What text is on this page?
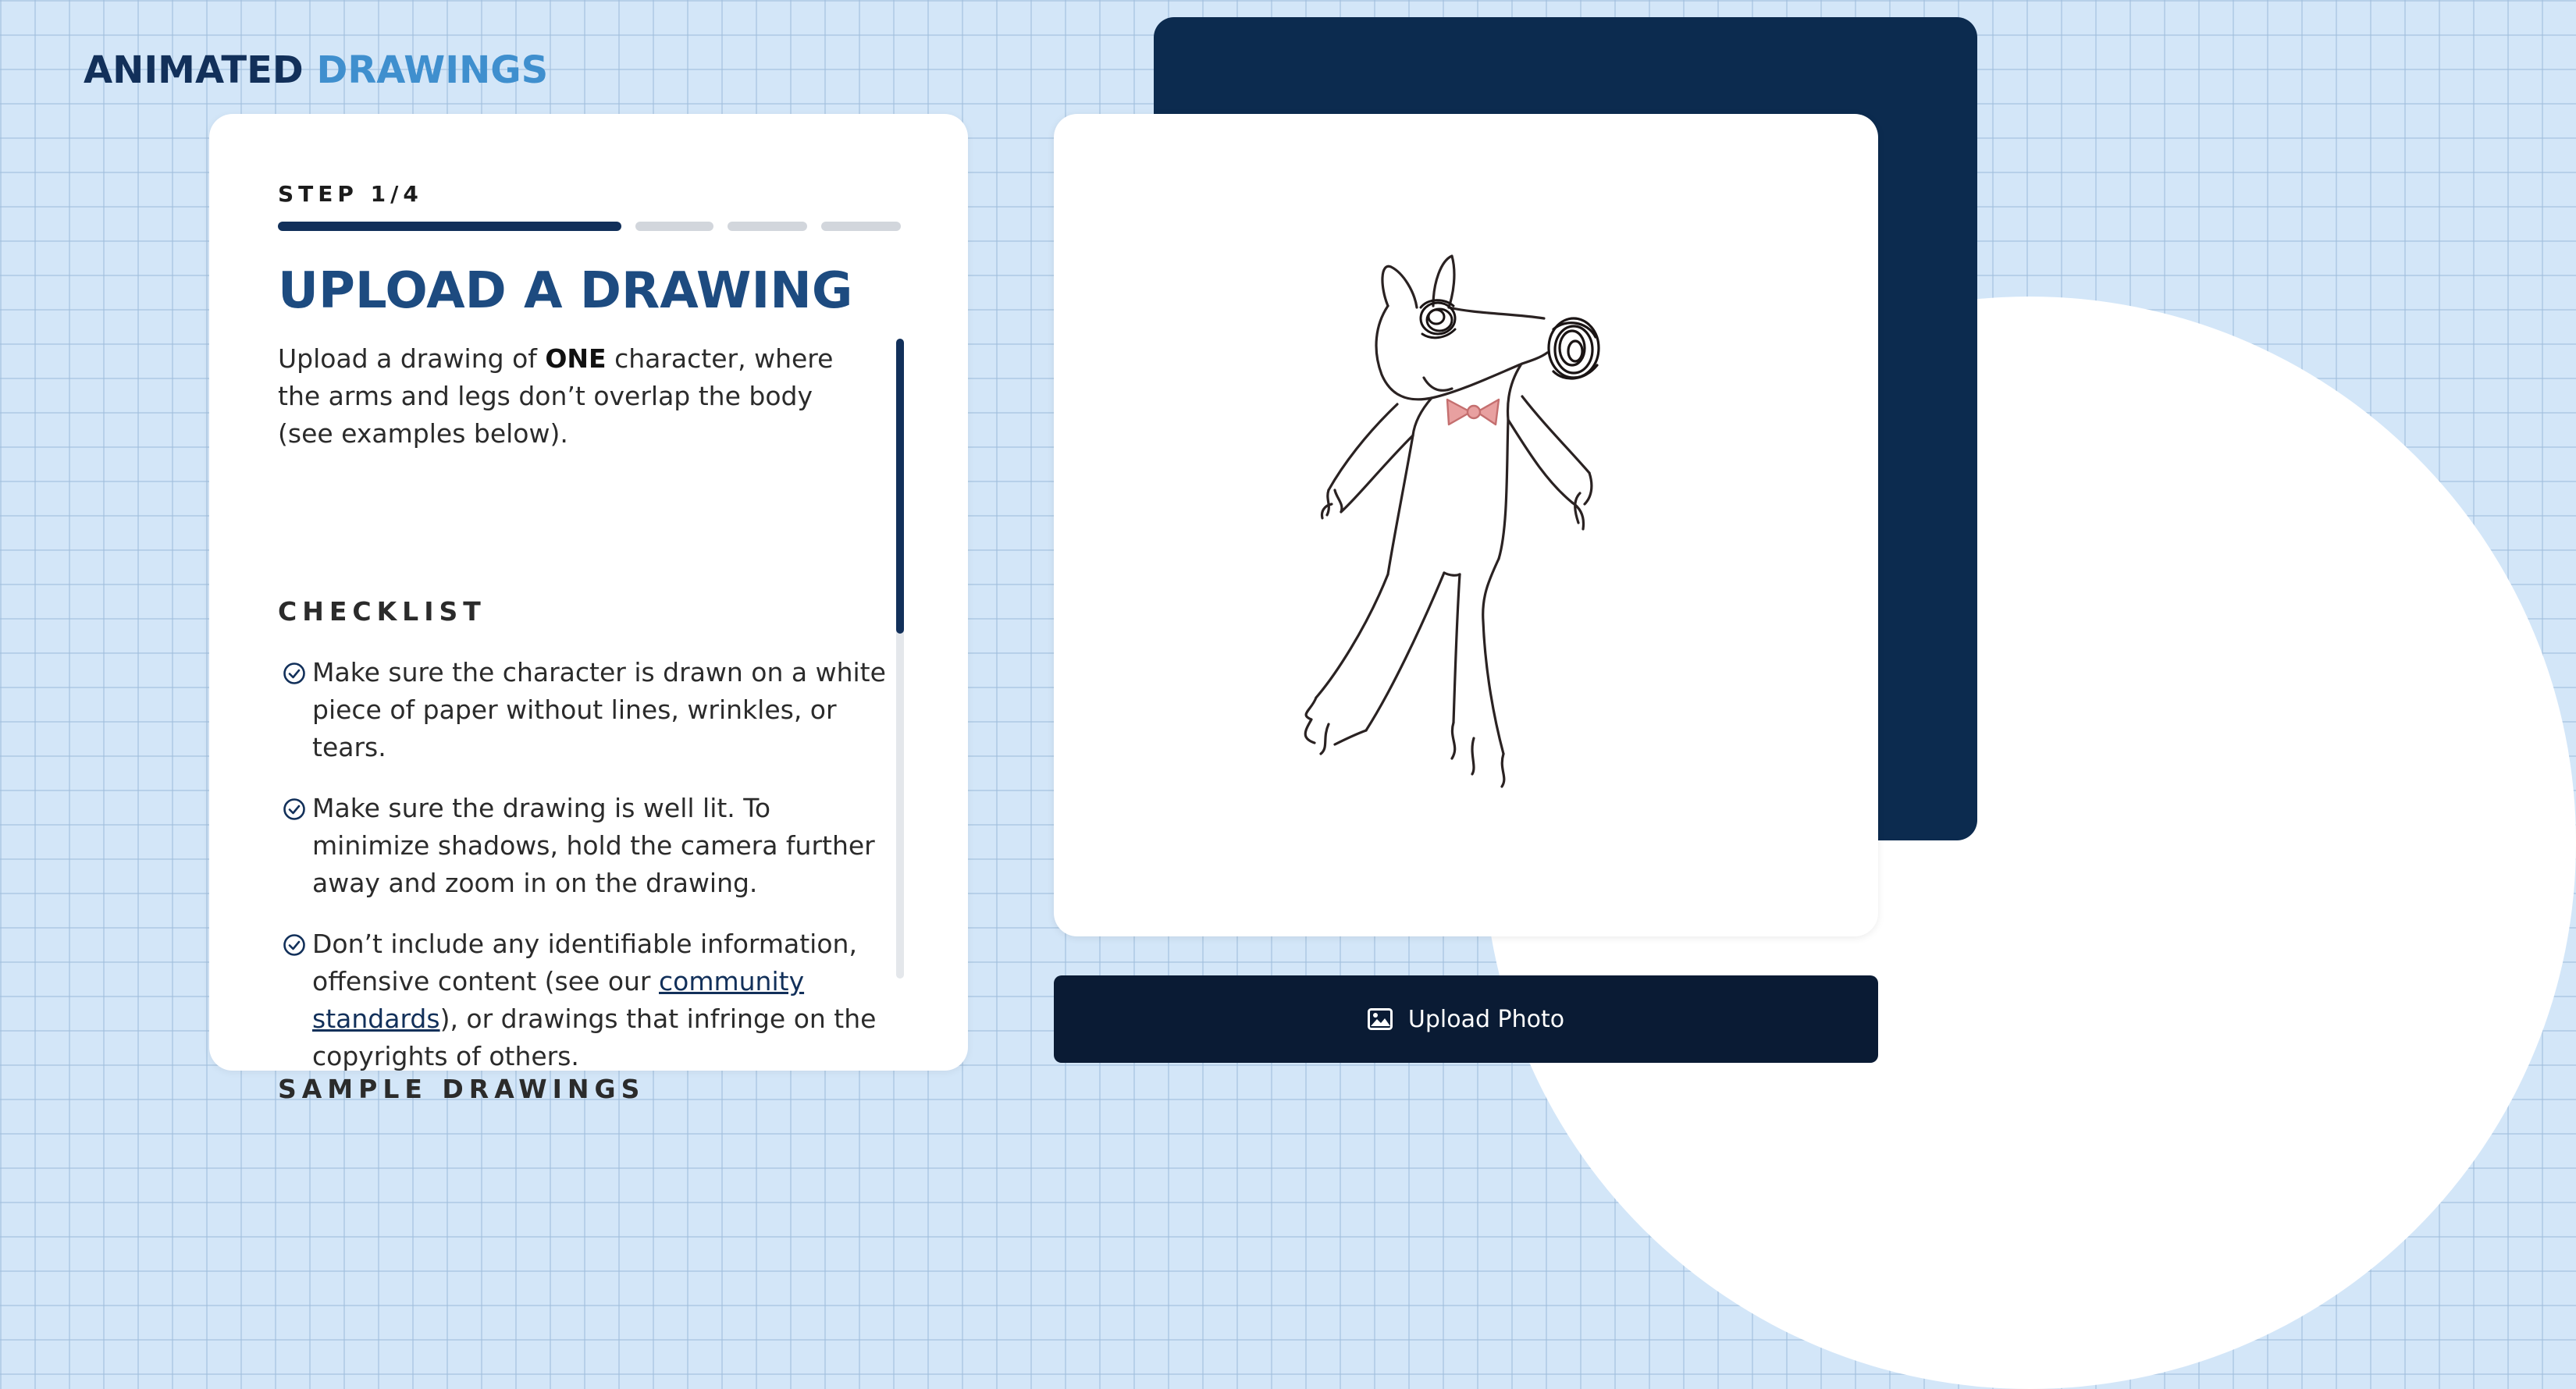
ANIMATED DRAWINGS
STEP 1/4
UPLOAD A DRAWING

Upload a drawing of ONE character, where the arms and legs don’t overlap the body (see examples below).

CHECKLIST
Make sure the character is drawn on a white piece of paper without lines, wrinkles, or tears.
Make sure the drawing is well lit. To minimize shadows, hold the camera further away and zoom in on the drawing.
Don’t include any identifiable information, offensive content (see our community standards), or drawings that infringe on the copyrights of others.
SAMPLE DRAWINGS
Upload Photo
